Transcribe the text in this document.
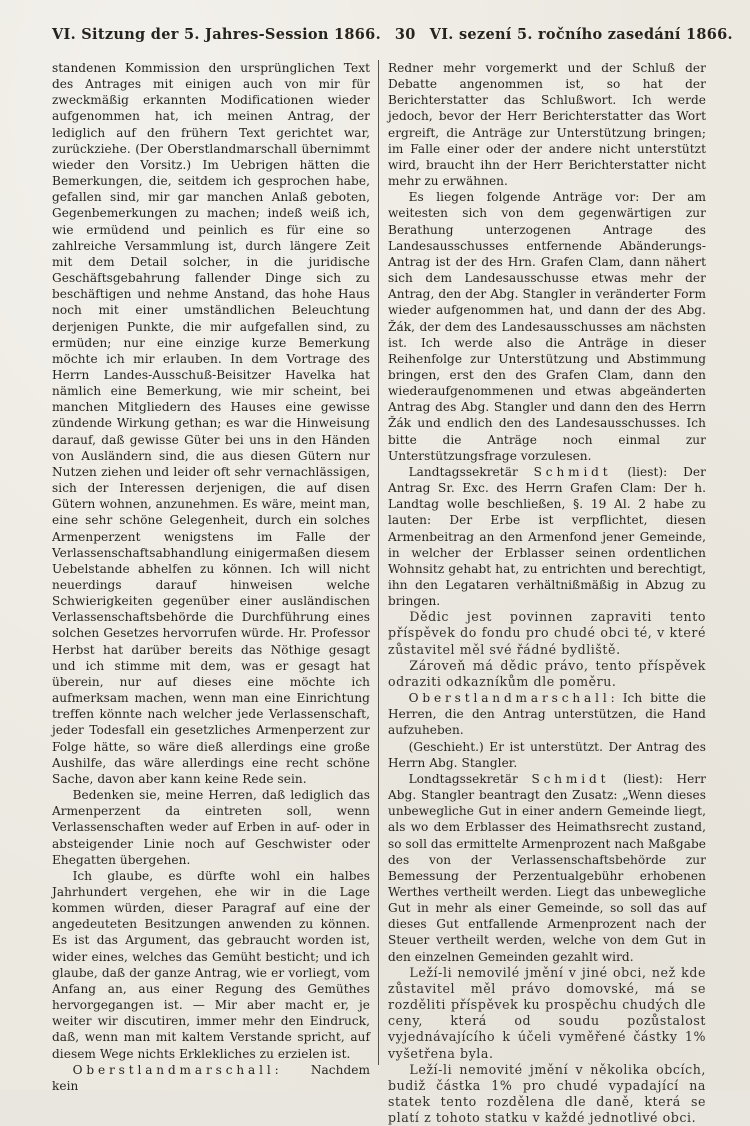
VI. Sitzung der 5. Jahres-Session 1866. 30 VI. sezení 5. ročního zasedání 1866.

standenen Kommission den ursprünglichen Text des Antrages mit einigen auch von mir für zweckmäßig erkannten Modificationen wieder aufgenommen hat, ich meinen Antrag, der lediglich auf den frühern Text gerichtet war, zurückziehe. (Der Oberstlandmarschall übernimmt wieder den Vorsitz.) Im Uebrigen hätten die Bemerkungen, die, seitdem ich gesprochen habe, gefallen sind, mir gar manchen Anlaß geboten, Gegenbemerkungen zu machen; indeß weiß ich, wie ermüdend und peinlich es für eine so zahlreiche Versammlung ist, durch längere Zeit mit dem Detail solcher, in die juridische Geschäftsgebahrung fallender Dinge sich zu beschäftigen und nehme Anstand, das hohe Haus noch mit einer umständlichen Beleuchtung derjenigen Punkte, die mir aufgefallen sind, zu ermüden; nur eine einzige kurze Bemerkung möchte ich mir erlauben. In dem Vortrage des Herrn Landes-Ausschuß-Beisitzer Havelka hat nämlich eine Bemerkung, wie mir scheint, bei manchen Mitgliedern des Hauses eine gewisse zündende Wirkung gethan; es war die Hinweisung darauf, daß gewisse Güter bei uns in den Händen von Ausländern sind, die aus diesen Gütern nur Nutzen ziehen und leider oft sehr vernachlässigen, sich der Interessen derjenigen, die auf disen Gütern wohnen, anzunehmen. Es wäre, meint man, eine sehr schöne Gelegenheit, durch ein solches Armenperzent wenigstens im Falle der Verlassenschaftsabhandlung einigermaßen diesem Uebelstande abhelfen zu können. Ich will nicht neuerdings darauf hinweisen welche Schwierigkeiten gegenüber einer ausländischen Verlassenschaftsbehörde die Durchführung eines solchen Gesetzes hervorrufen würde. Hr. Professor Herbst hat darüber bereits das Nöthige gesagt und ich stimme mit dem, was er gesagt hat überein, nur auf dieses eine möchte ich aufmerksam machen, wenn man eine Einrichtung treffen könnte nach welcher jede Verlassenschaft, jeder Todesfall ein gesetzliches Armenperzent zur Folge hätte, so wäre dieß allerdings eine große Aushilfe, das wäre allerdings eine recht schöne Sache, davon aber kann keine Rede sein.

Bedenken sie, meine Herren, daß lediglich das Armenperzent da eintreten soll, wenn Verlassenschaften weder auf Erben in auf- oder in absteigender Linie noch auf Geschwister oder Ehegatten übergehen.

Ich glaube, es dürfte wohl ein halbes Jahrhundert vergehen, ehe wir in die Lage kommen würden, dieser Paragraf auf eine der angedeuteten Besitzungen anwenden zu können. Es ist das Argument, das gebraucht worden ist, wider eines, welches das Gemüht besticht; und ich glaube, daß der ganze Antrag, wie er vorliegt, vom Anfang an, aus einer Regung des Gemüthes hervorgegangen ist. — Mir aber macht er, je weiter wir discutiren, immer mehr den Eindruck, daß, wenn man mit kaltem Verstande spricht, auf diesem Wege nichts Erklekliches zu erzielen ist.

Oberstlandmarschall: Nachdem kein

Redner mehr vorgemerkt und der Schluß der Debatte angenommen ist, so hat der Berichterstatter das Schlußwort. Ich werde jedoch, bevor der Herr Berichterstatter das Wort ergreift, die Anträge zur Unterstützung bringen; im Falle einer oder der andere nicht unterstützt wird, braucht ihn der Herr Berichterstatter nicht mehr zu erwähnen.

Es liegen folgende Anträge vor: Der am weitesten sich von dem gegenwärtigen zur Berathung unterzogenen Antrage des Landesausschusses entfernende Abänderungs-Antrag ist der des Hrn. Grafen Clam, dann nähert sich dem Landesausschusse etwas mehr der Antrag, den der Abg. Stangler in veränderter Form wieder aufgenommen hat, und dann der des Abg. Žák, der dem des Landesausschusses am nächsten ist. Ich werde also die Anträge in dieser Reihenfolge zur Unterstützung und Abstimmung bringen, erst den des Grafen Clam, dann den wiederaufgenommenen und etwas abgeänderten Antrag des Abg. Stangler und dann den des Herrn Žák und endlich den des Landesausschusses. Ich bitte die Anträge noch einmal zur Unterstützungsfrage vorzulesen.

Landtagssekretär Schmidt (liest): Der Antrag Sr. Exc. des Herrn Grafen Clam: Der h. Landtag wolle beschließen, §. 19 Al. 2 habe zu lauten: Der Erbe ist verpflichtet, diesen Armenbeitrag an den Armenfond jener Gemeinde, in welcher der Erblasser seinen ordentlichen Wohnsitz gehabt hat, zu entrichten und berechtigt, ihn den Legataren verhältnißmäßig in Abzug zu bringen.

Dědic jest povinnen zapraviti tento příspěvek do fondu pro chudé obci té, v které zůstavitel měl své řádné bydliště.

Zároveň má dědic právo, tento příspěvek odraziti odkazníkům dle poměru.

Oberstlandmarschall: Ich bitte die Herren, die den Antrag unterstützen, die Hand aufzuheben.

(Geschieht.) Er ist unterstützt. Der Antrag des Herrn Abg. Stangler.

Londtagssekretär Schmidt (liest): Herr Abg. Stangler beantragt den Zusatz: „Wenn dieses unbewegliche Gut in einer andern Gemeinde liegt, als wo dem Erblasser des Heimathsrecht zustand, so soll das ermittelte Armenprozent nach Maßgabe des von der Verlassenschaftsbehörde zur Bemessung der Perzentualgebühr erhobenen Werthes vertheilt werden. Liegt das unbewegliche Gut in mehr als einer Gemeinde, so soll das auf dieses Gut entfallende Armenprozent nach der Steuer vertheilt werden, welche von dem Gut in den einzelnen Gemeinden gezahlt wird.

Leží-li nemovilé jmění v jiné obci, než kde zůstavitel měl právo domovské, má se rozděliti příspěvek ku prospěchu chudých dle ceny, která od soudu pozůstalost vyjednávajícího k účeli vyměřené částky 1% vyšetřena byla.

Leží-li nemovité jmění v několika obcích, budiž částka 1% pro chudé vypadající na statek tento rozdělena dle daně, která se platí z tohoto statku v každé jednotlivé obci.
